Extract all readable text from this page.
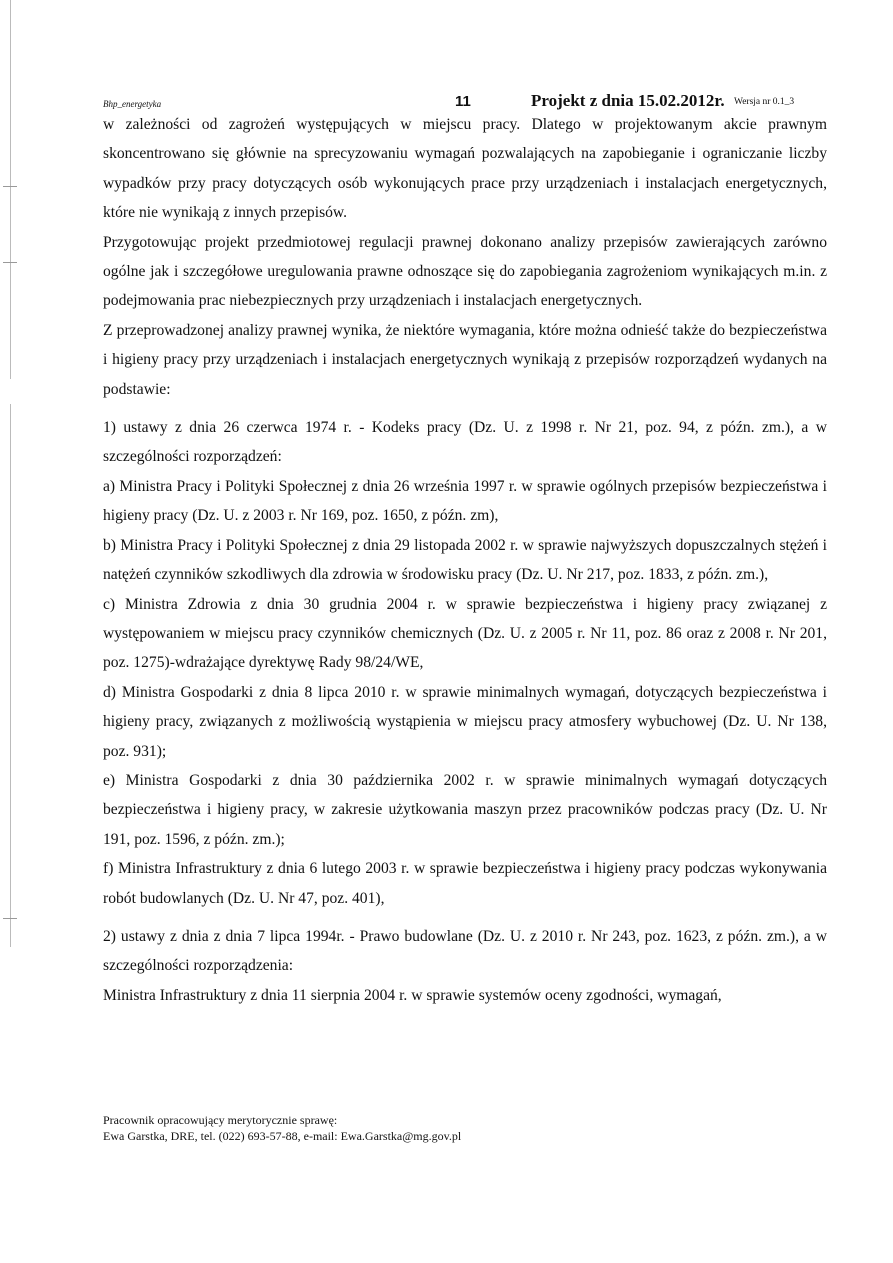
Bhp_energetyka	11	Projekt z dnia 15.02.2012r. Wersja nr 0.1_3

w zależności od zagrożeń występujących w miejscu pracy. Dlatego w projektowanym akcie prawnym skoncentrowano się głównie na sprecyzowaniu wymagań pozwalających na zapobieganie i ograniczanie liczby wypadków przy pracy dotyczących osób wykonujących prace przy urządzeniach i instalacjach energetycznych, które nie wynikają z innych przepisów.

Przygotowując projekt przedmiotowej regulacji prawnej dokonano analizy przepisów zawierających zarówno ogólne jak i szczegółowe uregulowania prawne odnoszące się do zapobiegania zagrożeniom wynikających m.in. z podejmowania prac niebezpiecznych przy urządzeniach i instalacjach energetycznych.

Z przeprowadzonej analizy prawnej wynika, że niektóre wymagania, które można odnieść także do bezpieczeństwa i higieny pracy przy urządzeniach i instalacjach energetycznych wynikają z przepisów rozporządzeń wydanych na podstawie:

1) ustawy z dnia 26 czerwca 1974 r. - Kodeks pracy (Dz. U. z 1998 r. Nr 21, poz. 94, z późn. zm.), a w szczególności rozporządzeń:

a) Ministra Pracy i Polityki Społecznej z dnia 26 września 1997 r. w sprawie ogólnych przepisów bezpieczeństwa i higieny pracy (Dz. U. z 2003 r. Nr 169, poz. 1650, z późn. zm),

b) Ministra Pracy i Polityki Społecznej z dnia 29 listopada 2002 r. w sprawie najwyższych dopuszczalnych stężeń i natężeń czynników szkodliwych dla zdrowia w środowisku pracy (Dz. U. Nr 217, poz. 1833, z późn. zm.),

c) Ministra Zdrowia z dnia 30 grudnia 2004 r. w sprawie bezpieczeństwa i higieny pracy związanej z występowaniem w miejscu pracy czynników chemicznych (Dz. U. z 2005 r. Nr 11, poz. 86 oraz z 2008 r. Nr 201, poz. 1275)-wdrażające dyrektywę Rady 98/24/WE,

d) Ministra Gospodarki z dnia 8 lipca 2010 r. w sprawie minimalnych wymagań, dotyczących bezpieczeństwa i higieny pracy, związanych z możliwością wystąpienia w miejscu pracy atmosfery wybuchowej (Dz. U. Nr 138, poz. 931);

e) Ministra Gospodarki z dnia 30 października 2002 r. w sprawie minimalnych wymagań dotyczących bezpieczeństwa i higieny pracy, w zakresie użytkowania maszyn przez pracowników podczas pracy (Dz. U. Nr 191, poz. 1596, z późn. zm.);

f) Ministra Infrastruktury z dnia 6 lutego 2003 r. w sprawie bezpieczeństwa i higieny pracy podczas wykonywania robót budowlanych (Dz. U. Nr 47, poz. 401),

2) ustawy z dnia z dnia 7 lipca 1994r. - Prawo budowlane (Dz. U. z 2010 r. Nr 243, poz. 1623, z późn. zm.), a w szczególności rozporządzenia:

Ministra Infrastruktury z dnia 11 sierpnia 2004 r. w sprawie systemów oceny zgodności, wymagań,

Pracownik opracowujący merytorycznie sprawę:
Ewa Garstka, DRE, tel. (022) 693-57-88, e-mail: Ewa.Garstka@mg.gov.pl
